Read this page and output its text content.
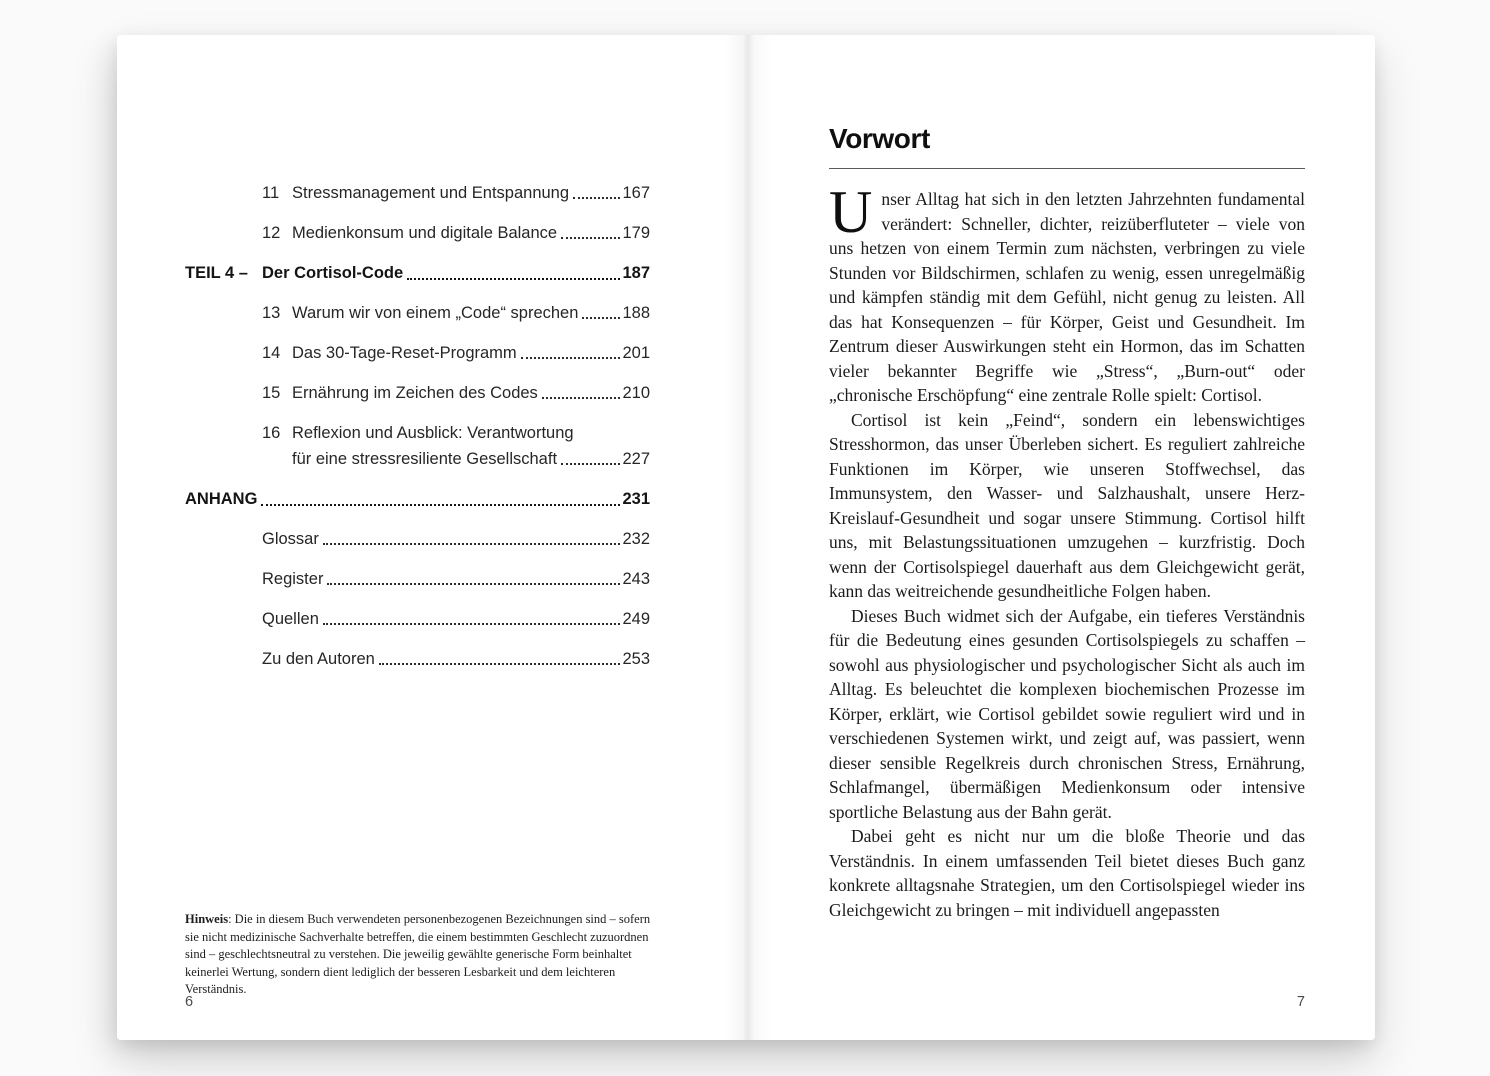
11 Stressmanagement und Entspannung	167
12 Medienkonsum und digitale Balance	179
TEIL 4 – Der Cortisol-Code	187
13 Warum wir von einem „Code“ sprechen	188
14 Das 30-Tage-Reset-Programm	201
15 Ernährung im Zeichen des Codes	210
16 Reflexion und Ausblick: Verantwortung
für eine stressresiliente Gesellschaft	227
ANHANG	231
Glossar	232
Register	243
Quellen	249
Zu den Autoren	253
Hinweis: Die in diesem Buch verwendeten personenbezogenen Bezeichnungen sind – sofern sie nicht medizinische Sachverhalte betreffen, die einem bestimmten Geschlecht zuzuordnen sind – geschlechtsneutral zu verstehen. Die jeweilig gewählte generische Form beinhaltet keinerlei Wertung, sondern dient lediglich der besseren Lesbarkeit und dem leichteren Verständnis.
6
Vorwort

Unser Alltag hat sich in den letzten Jahrzehnten fundamental verändert: Schneller, dichter, reizüberfluteter – viele von uns hetzen von einem Termin zum nächsten, verbringen zu viele Stunden vor Bildschirmen, schlafen zu wenig, essen unregelmäßig und kämpfen ständig mit dem Gefühl, nicht genug zu leisten. All das hat Konsequenzen – für Körper, Geist und Gesundheit. Im Zentrum dieser Auswirkungen steht ein Hormon, das im Schatten vieler bekannter Begriffe wie „Stress“, „Burn-out“ oder „chronische Erschöpfung“ eine zentrale Rolle spielt: Cortisol.

Cortisol ist kein „Feind“, sondern ein lebenswichtiges Stresshormon, das unser Überleben sichert. Es reguliert zahlreiche Funktionen im Körper, wie unseren Stoffwechsel, das Immunsystem, den Wasser- und Salzhaushalt, unsere Herz-Kreislauf-Gesundheit und sogar unsere Stimmung. Cortisol hilft uns, mit Belastungssituationen umzugehen – kurzfristig. Doch wenn der Cortisolspiegel dauerhaft aus dem Gleichgewicht gerät, kann das weitreichende gesundheitliche Folgen haben.

Dieses Buch widmet sich der Aufgabe, ein tieferes Verständnis für die Bedeutung eines gesunden Cortisolspiegels zu schaffen – sowohl aus physiologischer und psychologischer Sicht als auch im Alltag. Es beleuchtet die komplexen biochemischen Prozesse im Körper, erklärt, wie Cortisol gebildet sowie reguliert wird und in verschiedenen Systemen wirkt, und zeigt auf, was passiert, wenn dieser sensible Regelkreis durch chronischen Stress, Ernährung, Schlafmangel, übermäßigen Medienkonsum oder intensive sportliche Belastung aus der Bahn gerät.

Dabei geht es nicht nur um die bloße Theorie und das Verständnis. In einem umfassenden Teil bietet dieses Buch ganz konkrete alltagsnahe Strategien, um den Cortisolspiegel wieder ins Gleichgewicht zu bringen – mit individuell angepassten

7
